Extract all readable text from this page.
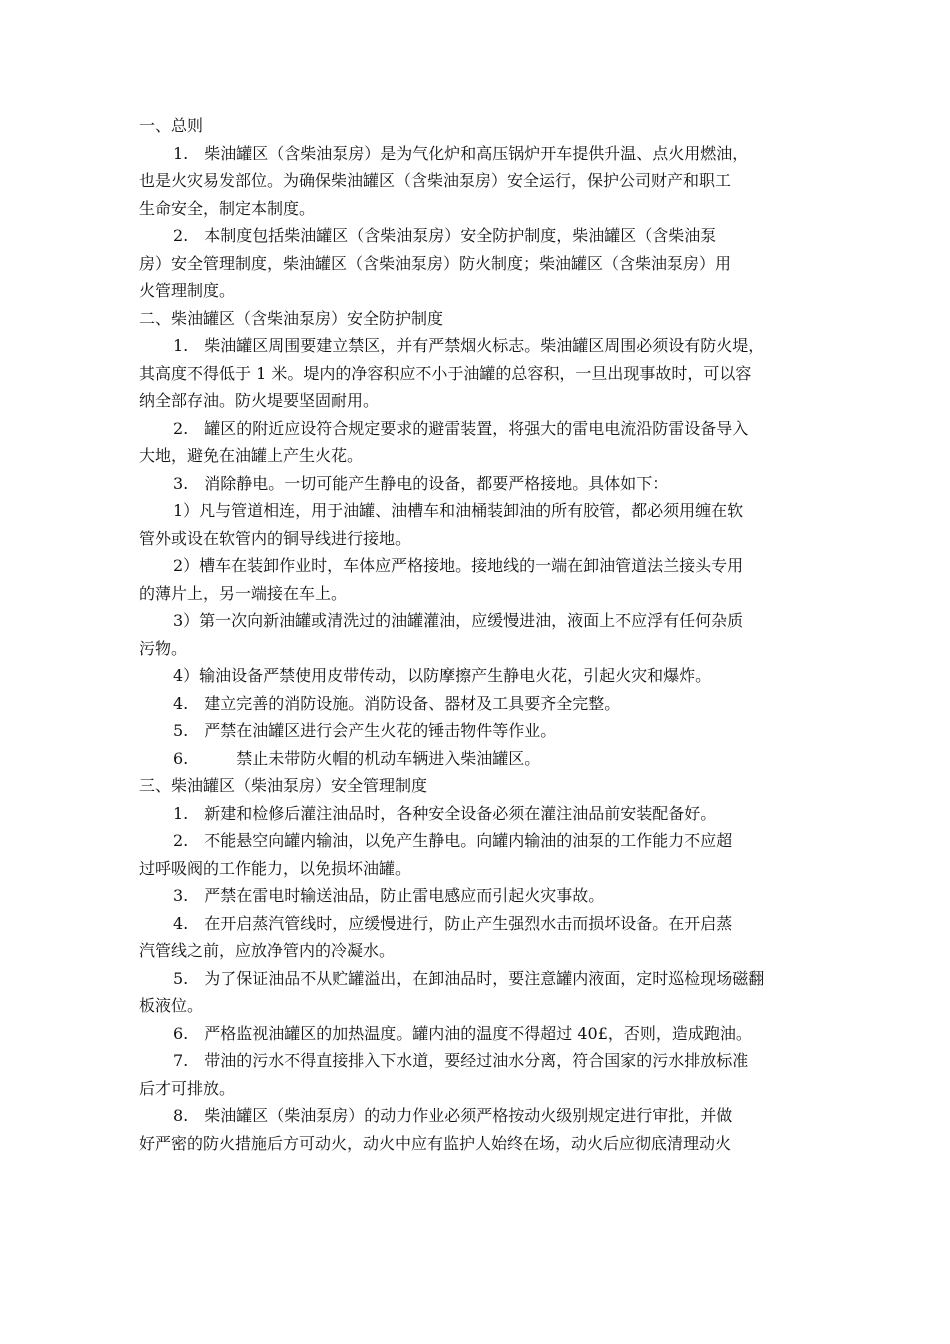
一、总则
1.　柴油罐区（含柴油泵房）是为气化炉和高压锅炉开车提供升温、点火用燃油，
也是火灾易发部位。为确保柴油罐区（含柴油泵房）安全运行，保护公司财产和职工
生命安全，制定本制度。
2.　本制度包括柴油罐区（含柴油泵房）安全防护制度，柴油罐区（含柴油泵
房）安全管理制度，柴油罐区（含柴油泵房）防火制度；柴油罐区（含柴油泵房）用
火管理制度。
二、柴油罐区（含柴油泵房）安全防护制度
1.　柴油罐区周围要建立禁区，并有严禁烟火标志。柴油罐区周围必须设有防火堤，
其高度不得低于 1 米。堤内的净容积应不小于油罐的总容积，一旦出现事故时，可以容
纳全部存油。防火堤要坚固耐用。
2.　罐区的附近应设符合规定要求的避雷装置，将强大的雷电电流沿防雷设备导入
大地，避免在油罐上产生火花。
3.　消除静电。一切可能产生静电的设备，都要严格接地。具体如下：
1）凡与管道相连，用于油罐、油槽车和油桶装卸油的所有胶管，都必须用缠在软
管外或设在软管内的铜导线进行接地。
2）槽车在装卸作业时，车体应严格接地。接地线的一端在卸油管道法兰接头专用
的薄片上，另一端接在车上。
3）第一次向新油罐或清洗过的油罐灌油，应缓慢进油，液面上不应浮有任何杂质
污物。
4）输油设备严禁使用皮带传动，以防摩擦产生静电火花，引起火灾和爆炸。
4.　建立完善的消防设施。消防设备、器材及工具要齐全完整。
5.　严禁在油罐区进行会产生火花的锤击物件等作业。
6.　　　禁止未带防火帽的机动车辆进入柴油罐区。
三、柴油罐区（柴油泵房）安全管理制度
1.　新建和检修后灌注油品时，各种安全设备必须在灌注油品前安装配备好。
2.　不能悬空向罐内输油，以免产生静电。向罐内输油的油泵的工作能力不应超
过呼吸阀的工作能力，以免损坏油罐。
3.　严禁在雷电时输送油品，防止雷电感应而引起火灾事故。
4.　在开启蒸汽管线时，应缓慢进行，防止产生强烈水击而损坏设备。在开启蒸
汽管线之前，应放净管内的冷凝水。
5.　为了保证油品不从贮罐溢出，在卸油品时，要注意罐内液面，定时巡检现场磁翻
板液位。
6.　严格监视油罐区的加热温度。罐内油的温度不得超过 40£，否则，造成跑油。
7.　带油的污水不得直接排入下水道，要经过油水分离，符合国家的污水排放标准
后才可排放。
8.　柴油罐区（柴油泵房）的动力作业必须严格按动火级别规定进行审批，并做
好严密的防火措施后方可动火，动火中应有监护人始终在场，动火后应彻底清理动火
